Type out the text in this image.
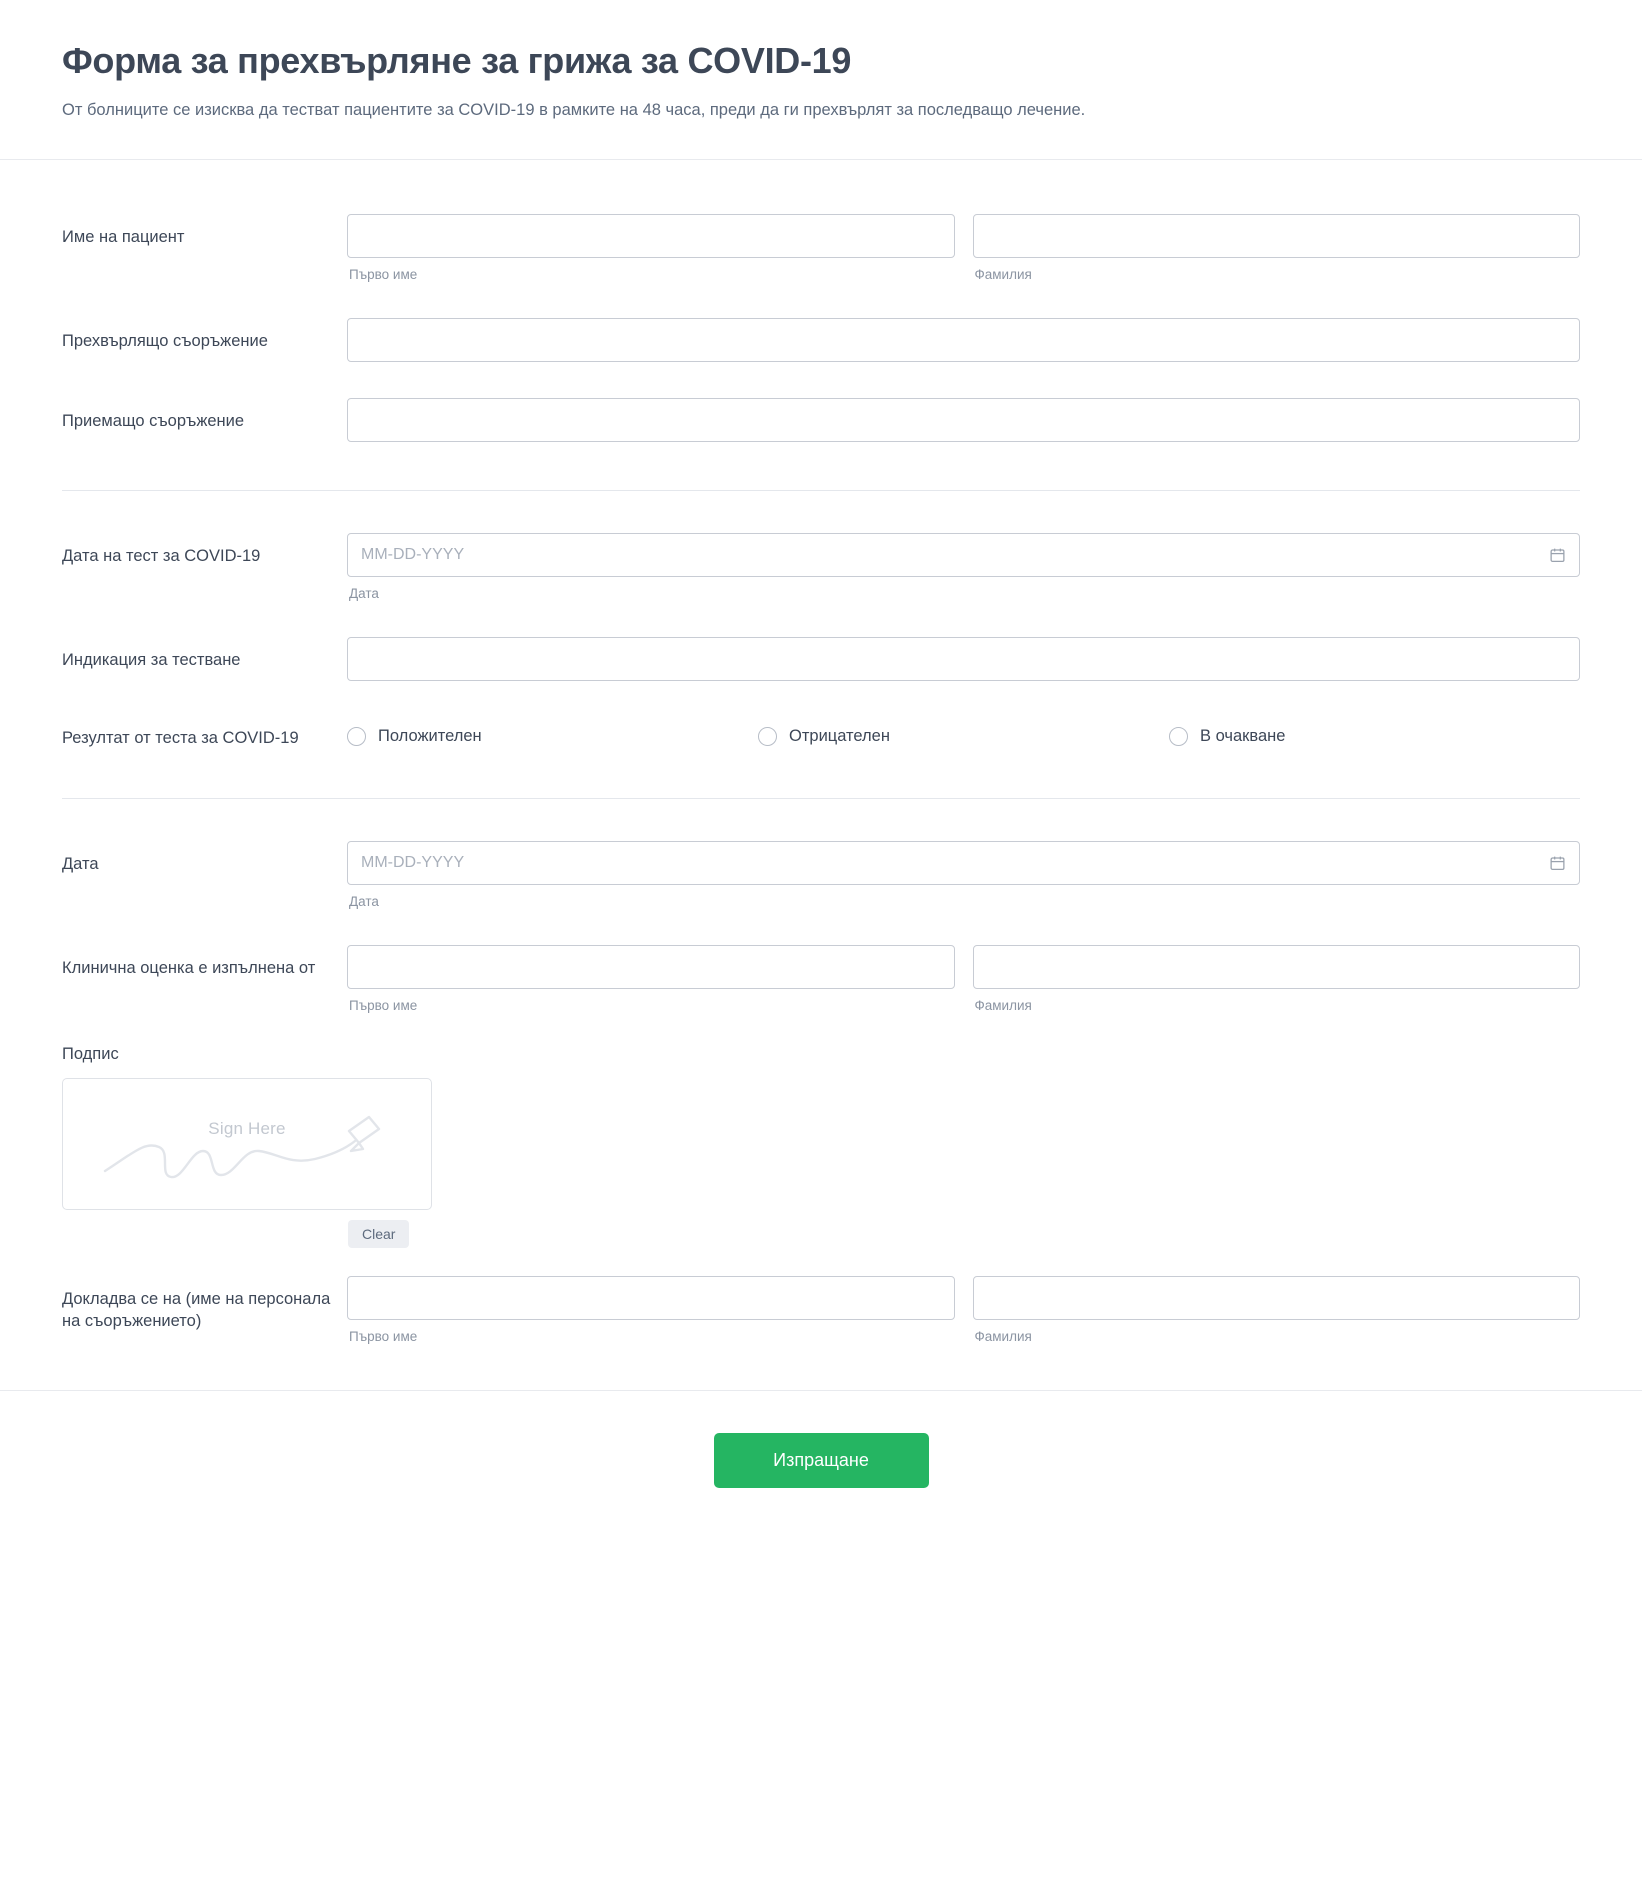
Форма за прехвърляне за грижа за COVID-19

От болниците се изисква да тестват пациентите за COVID-19 в рамките на 48 часа, преди да ги прехвърлят за последващо лечение.

Име на пациент
Първо име	Фамилия
Прехвърлящо съоръжение
Приемащо съоръжение
Дата на тест за COVID-19
MM-DD-YYYY
Дата
Индикация за тестване
Резултат от теста за COVID-19	Положителен	Отрицателен	В очакване
Дата
MM-DD-YYYY
Дата
Клинична оценка е изпълнена от
Първо име	Фамилия
Подпис
Sign Here
Clear
Докладва се на (име на персонала на съоръжението)
Първо име	Фамилия
Изпращане
